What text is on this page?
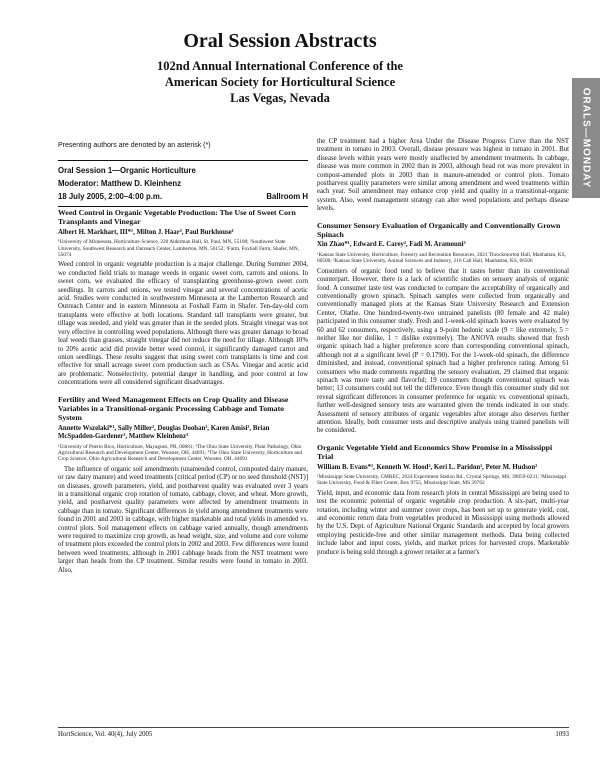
ORALS—MONDAY
Oral Session Abstracts
102nd Annual International Conference of the
American Society for Horticultural Science
Las Vegas, Nevada
Presenting authors are denoted by an asterisk (*)
Oral Session 1—Organic Horticulture
Moderator: Matthew D. Kleinhenz
18 July 2005, 2:00–4:00 p.m.	Ballroom H
Weed Control in Organic Vegetable Production: The Use of Sweet Corn Transplants and Vinegar
Albert H. Markhart, III*¹, Milton J. Haar², Paul Burkhouse¹
¹University of Minnesota, Horticulture Science, 220 Alderman Hall, St. Paul, MN, 55108; ²Southwest State University, Southwest Research and Outreach Center, Lamberton, MN, 56152; ³Farm, Foxhall Farm, Shafer, MN, 55074
Weed control in organic vegetable production is a major challenge. During Summer 2004, we conducted field trials to manage weeds in organic sweet corn, carrots and onions. In sweet corn, we evaluated the efficacy of transplanting greenhouse-grown sweet corn seedlings. In carrots and onions, we tested vinegar and several concentrations of acetic acid. Studies were conducted in southwestern Minnesota at the Lamberton Research and Outreach Center and in eastern Minnesota at Foxhall Farm in Shafer. Ten-day-old corn transplants were effective at both locations. Standard tall transplants were greater, but tillage was needed, and yield was greater than in the seeded plots. Straight vinegar was not very effective in controlling weed populations. Although there was greater damage to broad leaf weeds than grasses, straight vinegar did not reduce the need for tillage. Although 10% to 20% acetic acid did provide better weed control, it significantly damaged carrot and onion seedlings. These results suggest that using sweet corn transplants is time and cost effective for small acreage sweet corn production such as CSAs. Vinegar and acetic acid are problematic. Nonselectivity, potential danger in handling, and poor control at low concentrations were all considered significant disadvantages.
Fertility and Weed Management Effects on Crop Quality and Disease Variables in a Transitional-organic Processing Cabbage and Tomato System
Annette Wszelaki*¹, Sally Miller², Douglas Doohan³, Karen Amisi³, Brian McSpadden-Gardener², Matthew Kleinhenz³
¹University of Puerto Rico, Horticulture, Mayaguez, PR, 00681; ²The Ohio State University, Plant Pathology, Ohio Agricultural Research and Development Center, Wooster, OH, 44691; ³The Ohio State University, Horticulture and Crop Science, Ohio Agricultural Research and Development Center, Wooster, OH, 44691
The influence of organic soil amendments (unamended control, composted dairy manure, or raw dairy manure) and weed treatments [critical period (CP) or no seed threshold (NST)] on diseases, growth parameters, yield, and postharvest quality was evaluated over 3 years in a transitional organic crop rotation of tomato, cabbage, clover, and wheat. More growth, yield, and postharvest quality parameters were affected by amendment treatments in cabbage than in tomato. Significant differences in yield among amendment treatments were found in 2001 and 2003 in cabbage, with higher marketable and total yields in amended vs. control plots. Soil management effects on cabbage varied annually, though amendments were required to maximize crop growth, as head weight, size, and volume and core volume of treatment plots exceeded the control plots in 2002 and 2003. Few differences were found between weed treatments, although in 2001 cabbage heads from the NST treatment were larger than heads from the CP treatment. Similar results were found in tomato in 2003. Also,
the CP treatment had a higher Area Under the Disease Progress Curve than the NST treatment in tomato in 2003. Overall, disease pressure was highest in tomato in 2001. But disease levels within years were mostly unaffected by amendment treatments. In cabbage, disease was more common in 2002 than in 2003, although head rot was more prevalent in compost-amended plots in 2003 than in manure-amended or control plots. Tomato postharvest quality parameters were similar among amendment and weed treatments within each year. Soil amendment may enhance crop yield and quality in a transitional-organic system. Also, weed management strategy can alter weed populations and perhaps disease levels.
Consumer Sensory Evaluation of Organically and Conventionally Grown Spinach
Xin Zhao*¹, Edward E. Carey², Fadi M. Aramouni³
¹Kansas State University, Horticulture, Forestry and Recreation Resources, 2021 Throckmorton Hall, Manhattan, KS, 66506; ²Kansas State University, Animal Sciences and Industry, 216 Call Hall, Manhattan, KS, 66506
Consumers of organic food tend to believe that it tastes better than its conventional counterpart. However, there is a lack of scientific studies on sensory analysis of organic food. A consumer taste test was conducted to compare the acceptability of organically and conventionally grown spinach. Spinach samples were collected from organically and conventionally managed plots at the Kansas State University Research and Extension Center, Olathe. One hundred-twenty-two untrained panelists (80 female and 42 male) participated in this consumer study. Fresh and 1-week-old spinach leaves were evaluated by 60 and 62 consumers, respectively, using a 9-point hedonic scale (9 = like extremely, 5 = neither like nor dislike, 1 = dislike extremely). The ANOVA results showed that fresh organic spinach had a higher preference score than corresponding conventional spinach, although not at a significant level (P = 0.1790). For the 1-week-old spinach, the difference diminished, and instead, conventional spinach had a higher preference rating. Among 61 consumers who made comments regarding the sensory evaluation, 29 claimed that organic spinach was more tasty and flavorful; 19 consumers thought conventional spinach was better; 13 consumers could not tell the difference. Even though this consumer study did not reveal significant differences in consumer preference for organic vs. conventional spinach, further well-designed sensory tests are warranted given the trends indicated in our study. Assessment of sensory attributes of organic vegetables after storage also deserves further attention. Ideally, both consumer tests and descriptive analysis using trained panelists will be considered.
Organic Vegetable Yield and Economics Show Promise in a Mississippi Trial
William B. Evans*¹, Kenneth W. Hood², Keri L. Paridon¹, Peter M. Hudson²
¹Mississippi State University, CMREC, 2024 Experiment Station Rd., Crystal Springs, MS, 39059-0231; ²Mississippi State University, Food & Fiber Center, Box 9755, Mississippi State, MS 39762
Yield, input, and economic data from research plots in central Mississippi are being used to test the economic potential of organic vegetable crop production. A six-part, multi-year rotation, including winter and summer cover crops, has been set up to generate yield, cost, and economic return data from vegetables produced in Mississippi using methods allowed by the U.S. Dept. of Agriculture National Organic Standards and accepted by local growers employing pesticide-free and other similar management methods. Data being collected include labor and input costs, yields, and market prices for harvested crops. Marketable produce is being sold through a grower retailer at a farmer's
HortScience, Vol. 40(4), July 2005	1093
